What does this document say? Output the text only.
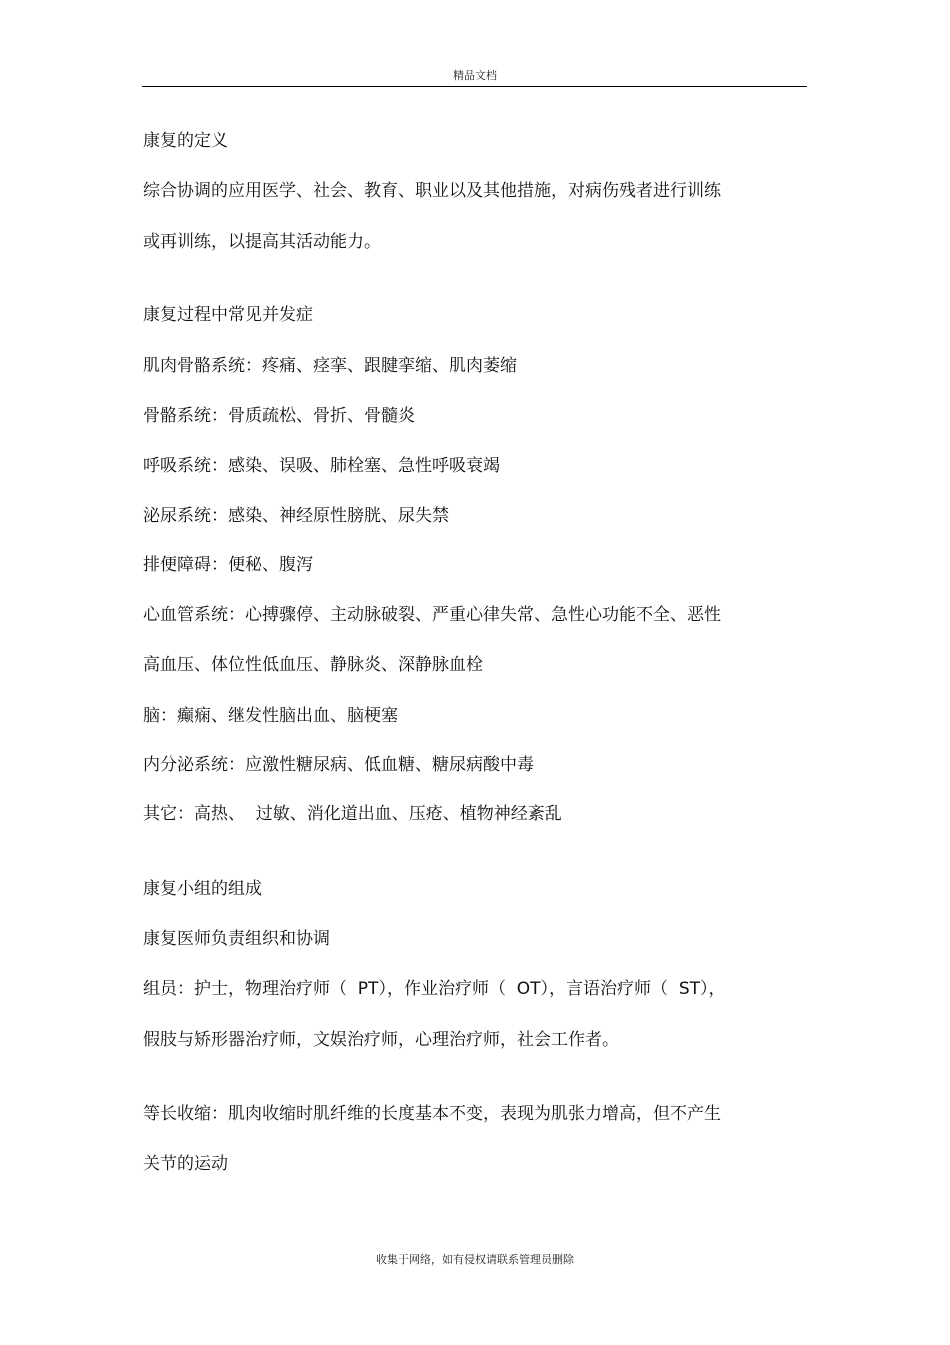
精品文档
康复的定义
综合协调的应用医学、社会、教育、职业以及其他措施，对病伤残者进行训练
或再训练，以提高其活动能力。
康复过程中常见并发症
肌肉骨骼系统：疼痛、痉挛、跟腱挛缩、肌肉萎缩
骨骼系统：骨质疏松、骨折、骨髓炎
呼吸系统：感染、误吸、肺栓塞、急性呼吸衰竭
泌尿系统：感染、神经原性膀胱、尿失禁
排便障碍：便秘、腹泻
心血管系统：心搏骤停、主动脉破裂、严重心律失常、急性心功能不全、恶性
高血压、体位性低血压、静脉炎、深静脉血栓
脑：癫痫、继发性脑出血、脑梗塞
内分泌系统：应激性糖尿病、低血糖、糖尿病酸中毒
其它：高热、  过敏、消化道出血、压疮、植物神经紊乱
康复小组的组成
康复医师负责组织和协调
组员：护士，物理治疗师（  PT），作业治疗师（  OT），言语治疗师（  ST），
假肢与矫形器治疗师，文娱治疗师，心理治疗师，社会工作者。
等长收缩：肌肉收缩时肌纤维的长度基本不变，表现为肌张力增高，但不产生
关节的运动
收集于网络，如有侵权请联系管理员删除
